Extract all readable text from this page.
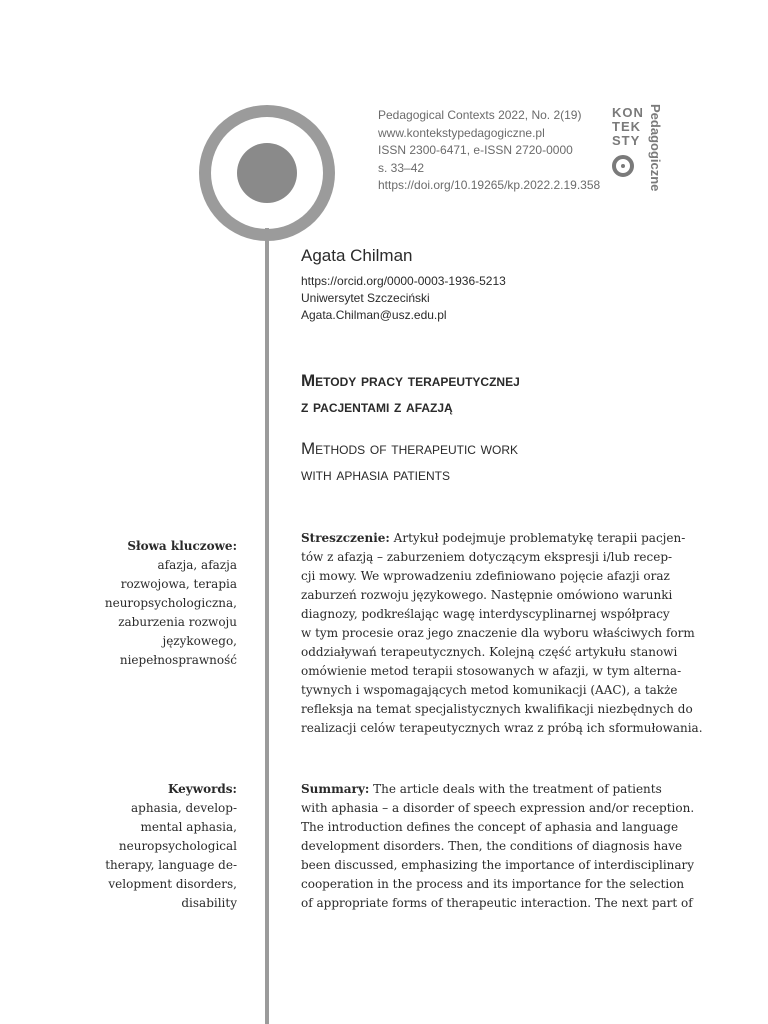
Pedagogical Contexts 2022, No. 2(19)
www.kontekstypedagogiczne.pl
ISSN 2300-6471, e-ISSN 2720-0000
s. 33–42
https://doi.org/10.19265/kp.2022.2.19.358
KON
TEK
STY Pedagogiczne
Agata Chilman
https://orcid.org/0000-0003-1936-5213
Uniwersytet Szczeciński
Agata.Chilman@usz.edu.pl
Metody pracy terapeutycznej
z pacjentami z afazją
Methods of therapeutic work
with aphasia patients
Słowa kluczowe:
afazja, afazja
rozwojowa, terapia
neuropsychologiczna,
zaburzenia rozwoju
językowego,
niepełnosprawność
Keywords:
aphasia, develop-
mental aphasia,
neuropsychological
therapy, language de-
velopment disorders,
disability
Streszczenie: Artykuł podejmuje problematykę terapii pacjen-
tów z afazją – zaburzeniem dotyczącym ekspresji i/lub recep-
cji mowy. We wprowadzeniu zdefiniowano pojęcie afazji oraz
zaburzeń rozwoju językowego. Następnie omówiono warunki
diagnozy, podkreślając wagę interdyscyplinarnej współpracy
w tym procesie oraz jego znaczenie dla wyboru właściwych form
oddziaływań terapeutycznych. Kolejną część artykułu stanowi
omówienie metod terapii stosowanych w afazji, w tym alterna-
tywnych i wspomagających metod komunikacji (AAC), a także
refleksja na temat specjalistycznych kwalifikacji niezbędnych do
realizacji celów terapeutycznych wraz z próbą ich sformułowania.
Summary: The article deals with the treatment of patients
with aphasia – a disorder of speech expression and/or reception.
The introduction defines the concept of aphasia and language
development disorders. Then, the conditions of diagnosis have
been discussed, emphasizing the importance of interdisciplinary
cooperation in the process and its importance for the selection
of appropriate forms of therapeutic interaction. The next part of
